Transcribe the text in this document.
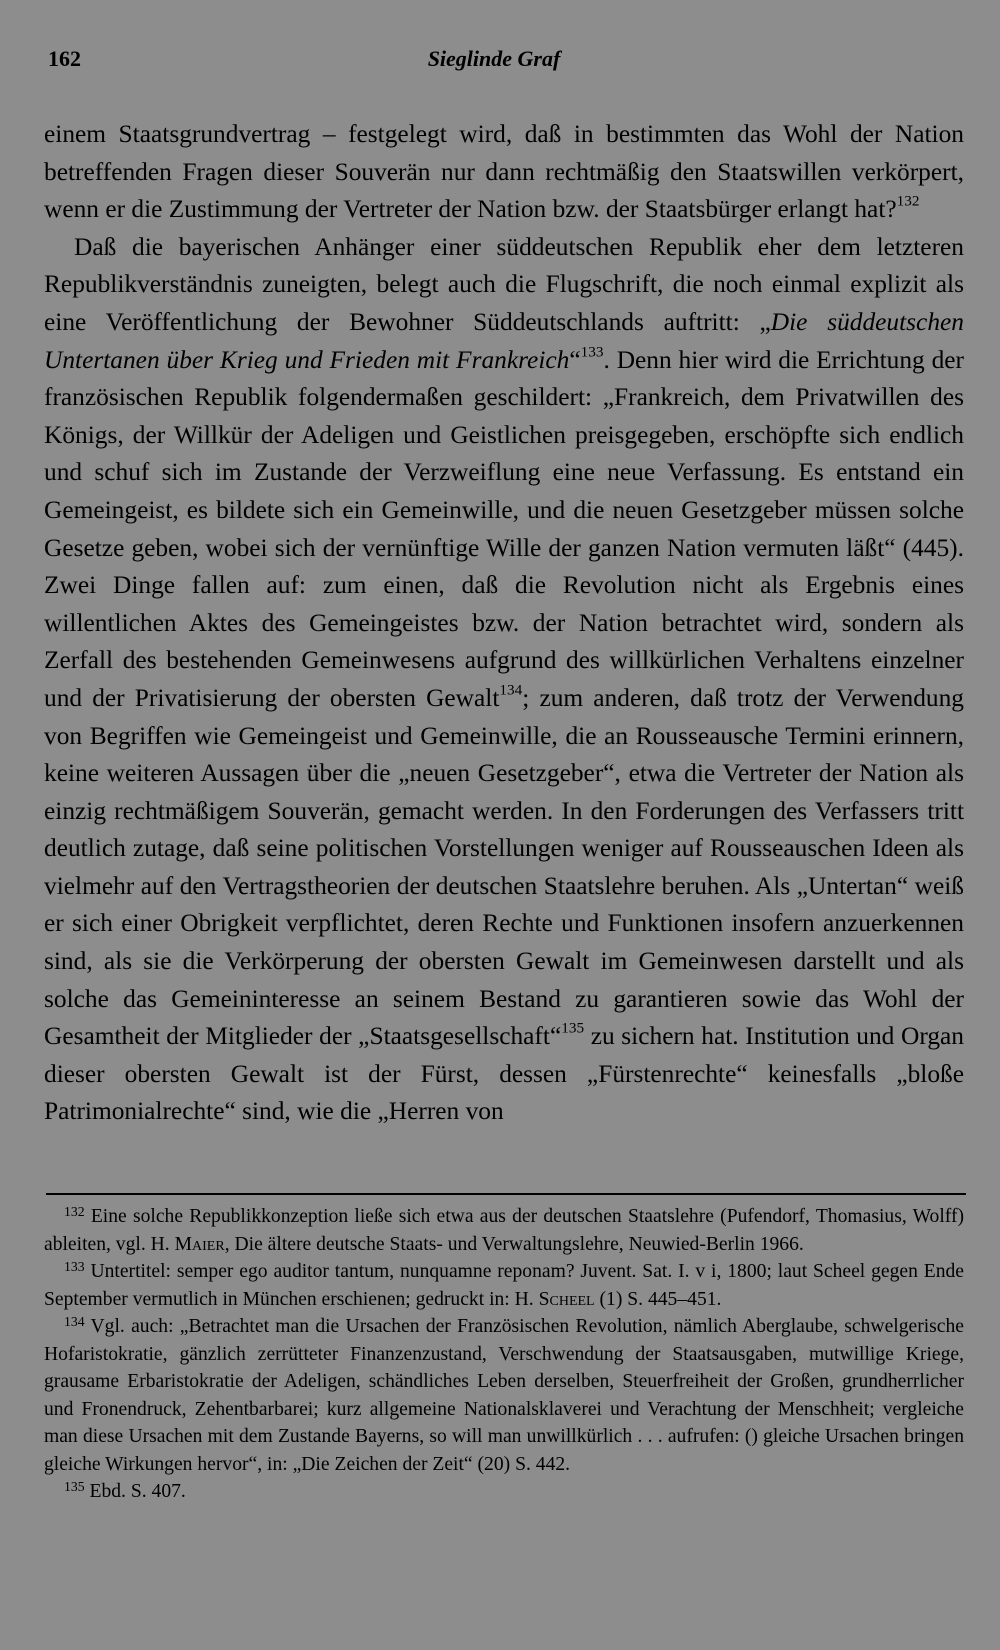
162	Sieglinde Graf

einem Staatsgrundvertrag – festgelegt wird, daß in bestimmten das Wohl der Nation betreffenden Fragen dieser Souverän nur dann rechtmäßig den Staatswillen verkörpert, wenn er die Zustimmung der Vertreter der Nation bzw. der Staatsbürger erlangt hat?$^{132}$

Daß die bayerischen Anhänger einer süddeutschen Republik eher dem letzteren Republikverständnis zuneigten, belegt auch die Flugschrift, die noch einmal explizit als eine Veröffentlichung der Bewohner Süddeutschlands auftritt: „Die süddeutschen Untertanen über Krieg und Frieden mit Frankreich“$^{133}$. Denn hier wird die Errichtung der französischen Republik folgendermaßen geschildert: „Frankreich, dem Privatwillen des Königs, der Willkür der Adeligen und Geistlichen preisgegeben, erschöpfte sich endlich und schuf sich im Zustande der Verzweiflung eine neue Verfassung. Es entstand ein Gemeingeist, es bildete sich ein Gemeinwille, und die neuen Gesetzgeber müssen solche Gesetze geben, wobei sich der vernünftige Wille der ganzen Nation vermuten läßt“ (445). Zwei Dinge fallen auf: zum einen, daß die Revolution nicht als Ergebnis eines willentlichen Aktes des Gemeingeistes bzw. der Nation betrachtet wird, sondern als Zerfall des bestehenden Gemeinwesens aufgrund des willkürlichen Verhaltens einzelner und der Privatisierung der obersten Gewalt$^{134}$; zum anderen, daß trotz der Verwendung von Begriffen wie Gemeingeist und Gemeinwille, die an Rousseausche Termini erinnern, keine weiteren Aussagen über die „neuen Gesetzgeber“, etwa die Vertreter der Nation als einzig rechtmäßigem Souverän, gemacht werden. In den Forderungen des Verfassers tritt deutlich zutage, daß seine politischen Vorstellungen weniger auf Rousseauschen Ideen als vielmehr auf den Vertragstheorien der deutschen Staatslehre beruhen. Als „Untertan“ weiß er sich einer Obrigkeit verpflichtet, deren Rechte und Funktionen insofern anzuerkennen sind, als sie die Verkörperung der obersten Gewalt im Gemeinwesen darstellt und als solche das Gemeininteresse an seinem Bestand zu garantieren sowie das Wohl der Gesamtheit der Mitglieder der „Staatsgesellschaft“$^{135}$ zu sichern hat. Institution und Organ dieser obersten Gewalt ist der Fürst, dessen „Fürstenrechte“ keinesfalls „bloße Patrimonialrechte“ sind, wie die „Herren von

$^{132}$ Eine solche Republikkonzeption ließe sich etwa aus der deutschen Staatslehre (Pufendorf, Thomasius, Wolff) ableiten, vgl. H. Maier, Die ältere deutsche Staats- und Verwaltungslehre, Neuwied-Berlin 1966.

$^{133}$ Untertitel: semper ego auditor tantum, nunquamne reponam? Juvent. Sat. I. v i, 1800; laut Scheel gegen Ende September vermutlich in München erschienen; gedruckt in: H. Scheel (1) S. 445–451.

$^{134}$ Vgl. auch: „Betrachtet man die Ursachen der Französischen Revolution, nämlich Aberglaube, schwelgerische Hofaristokratie, gänzlich zerrütteter Finanzenzustand, Verschwendung der Staatsausgaben, mutwillige Kriege, grausame Erbaristokratie der Adeligen, schändliches Leben derselben, Steuerfreiheit der Großen, grundherrlicher und Fronendruck, Zehentbarbarei; kurz allgemeine Nationalsklaverei und Verachtung der Menschheit; vergleiche man diese Ursachen mit dem Zustande Bayerns, so will man unwillkürlich . . . aufrufen: () gleiche Ursachen bringen gleiche Wirkungen hervor“, in: „Die Zeichen der Zeit“ (20) S. 442.

$^{135}$ Ebd. S. 407.
